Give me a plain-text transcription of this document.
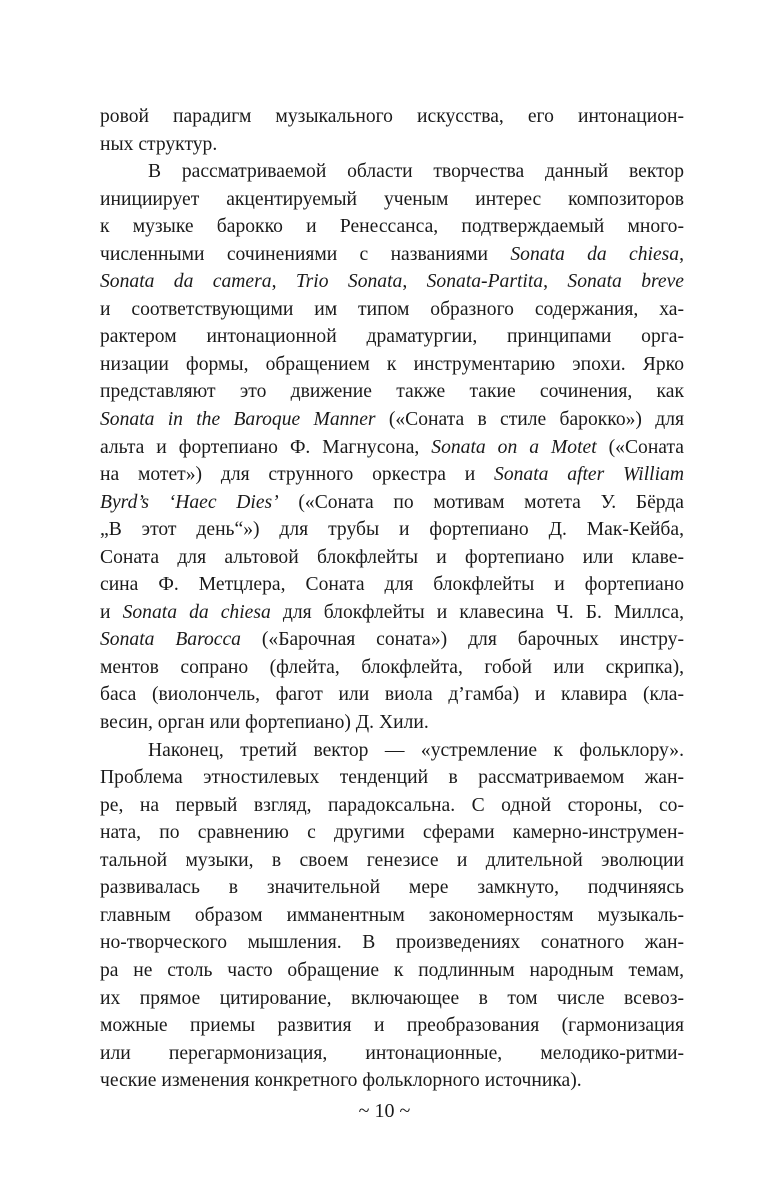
ровой парадигм музыкального искусства, его интонацион-
ных структур.
В рассматриваемой области творчества данный вектор
инициирует акцентируемый ученым интерес композиторов
к музыке барокко и Ренессанса, подтверждаемый много-
численными сочинениями с названиями Sonata da chiesa,
Sonata da camera, Trio Sonata, Sonata-Partita, Sonata breve
и соответствующими им типом образного содержания, ха-
рактером интонационной драматургии, принципами орга-
низации формы, обращением к инструментарию эпохи. Ярко
представляют это движение также такие сочинения, как
Sonata in the Baroque Manner («Соната в стиле барокко») для
альта и фортепиано Ф. Магнусона, Sonata on a Motet («Соната
на мотет») для струнного оркестра и Sonata after William
Byrd’s ‘Haec Dies’ («Соната по мотивам мотета У. Бёрда
„В этот день“») для трубы и фортепиано Д. Мак-Кейба,
Соната для альтовой блокфлейты и фортепиано или клаве-
сина Ф. Метцлера, Соната для блокфлейты и фортепиано
и Sonata da chiesa для блокфлейты и клавесина Ч. Б. Миллса,
Sonata Barocca («Барочная соната») для барочных инстру-
ментов сопрано (флейта, блокфлейта, гобой или скрипка),
баса (виолончель, фагот или виола д’гамба) и клавира (кла-
весин, орган или фортепиано) Д. Хили.
Наконец, третий вектор — «устремление к фольклору».
Проблема этностилевых тенденций в рассматриваемом жан-
ре, на первый взгляд, парадоксальна. С одной стороны, со-
ната, по сравнению с другими сферами камерно-инструмен-
тальной музыки, в своем генезисе и длительной эволюции
развивалась в значительной мере замкнуто, подчиняясь
главным образом имманентным закономерностям музыкаль-
но-творческого мышления. В произведениях сонатного жан-
ра не столь часто обращение к подлинным народным темам,
их прямое цитирование, включающее в том числе всевоз-
можные приемы развития и преобразования (гармонизация
или перегармонизация, интонационные, мелодико-ритми-
ческие изменения конкретного фольклорного источника).
~ 10 ~
